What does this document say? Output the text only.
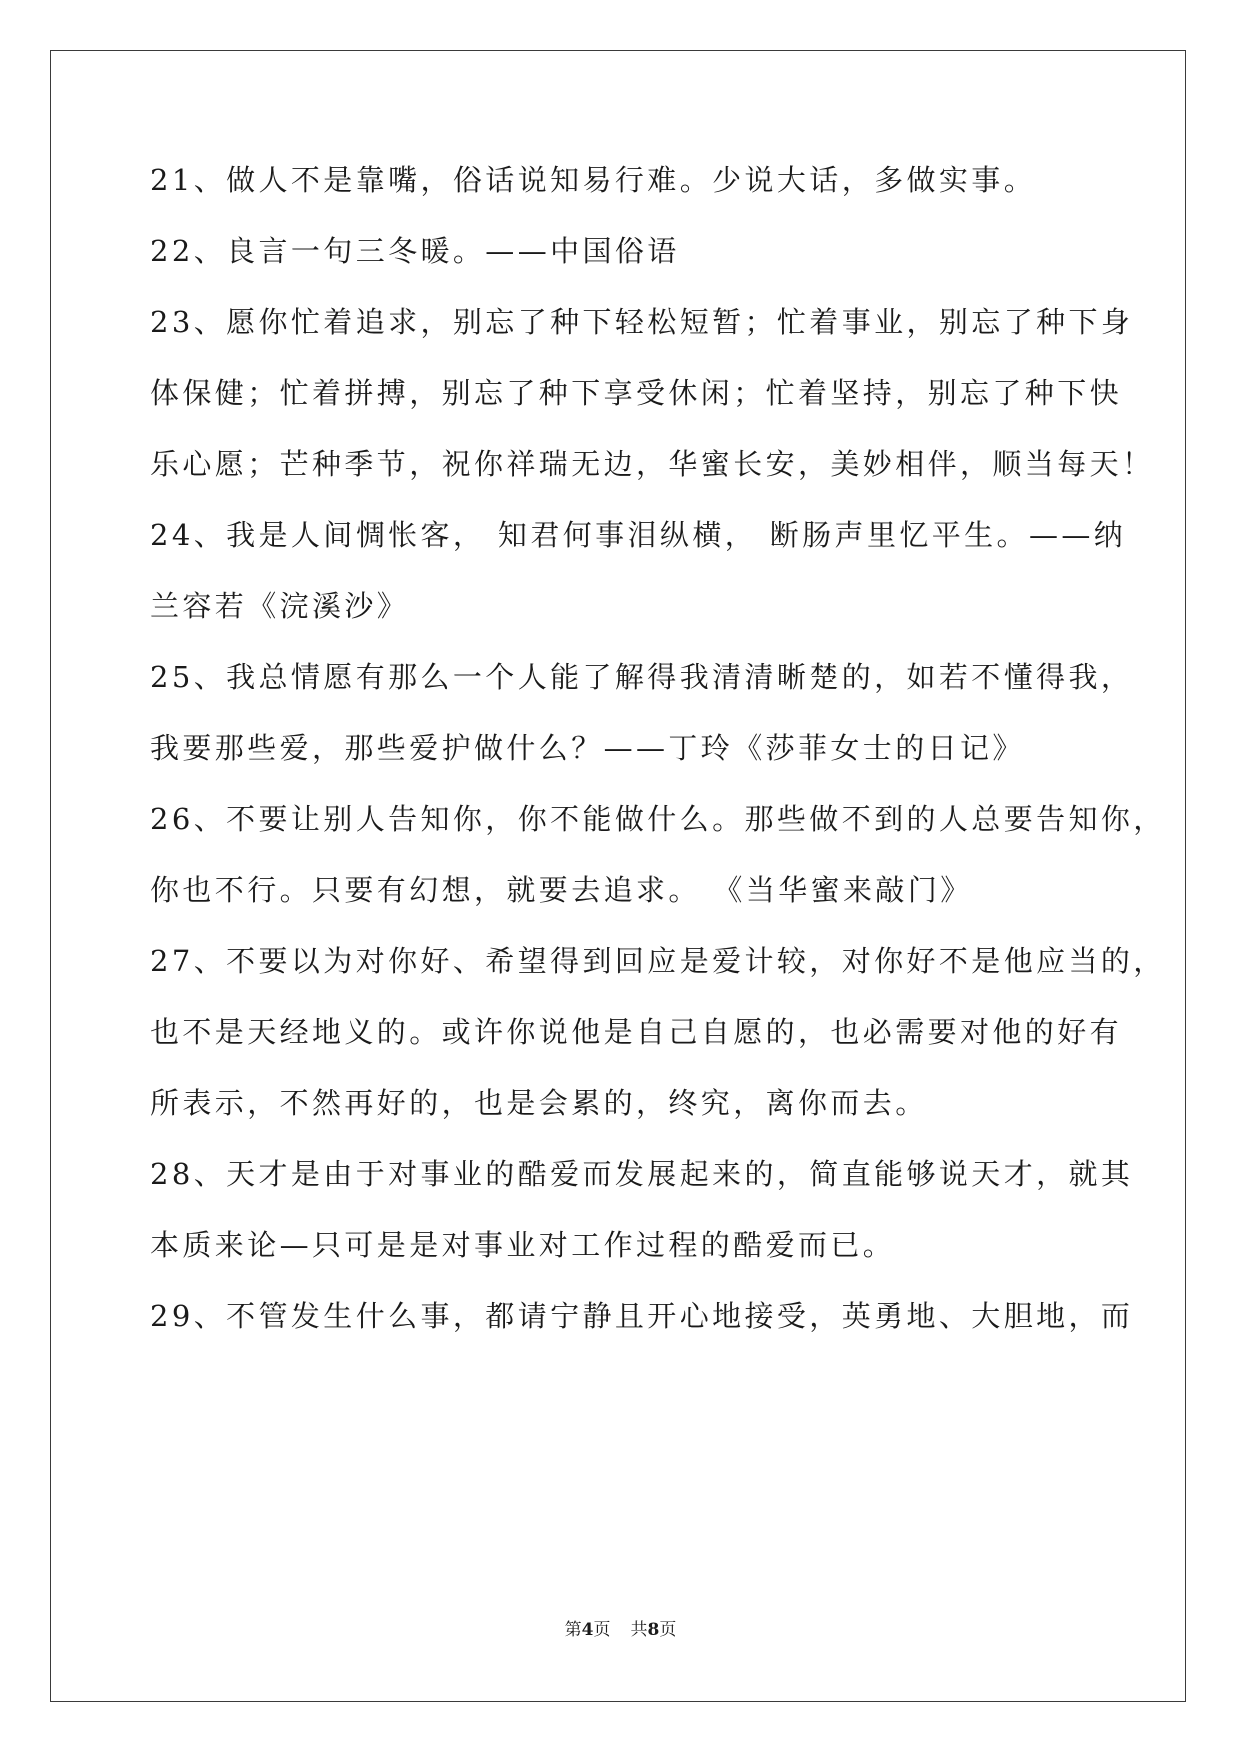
21、做人不是靠嘴，俗话说知易行难。少说大话，多做实事。
22、良言一句三冬暖。——中国俗语
23、愿你忙着追求，别忘了种下轻松短暂；忙着事业，别忘了种下身
体保健；忙着拼搏，别忘了种下享受休闲；忙着坚持，别忘了种下快
乐心愿；芒种季节，祝你祥瑞无边，华蜜长安，美妙相伴，顺当每天！
24、我是人间惆怅客， 知君何事泪纵横， 断肠声里忆平生。——纳
兰容若《浣溪沙》
25、我总情愿有那么一个人能了解得我清清晰楚的，如若不懂得我，
我要那些爱，那些爱护做什么？——丁玲《莎菲女士的日记》
26、不要让别人告知你，你不能做什么。那些做不到的人总要告知你，
你也不行。只要有幻想，就要去追求。 《当华蜜来敲门》
27、不要以为对你好、希望得到回应是爱计较，对你好不是他应当的，
也不是天经地义的。或许你说他是自己自愿的，也必需要对他的好有
所表示，不然再好的，也是会累的，终究，离你而去。
28、天才是由于对事业的酷爱而发展起来的，简直能够说天才，就其
本质来论—只可是是对事业对工作过程的酷爱而已。
29、不管发生什么事，都请宁静且开心地接受，英勇地、大胆地，而
第4页 共8页
